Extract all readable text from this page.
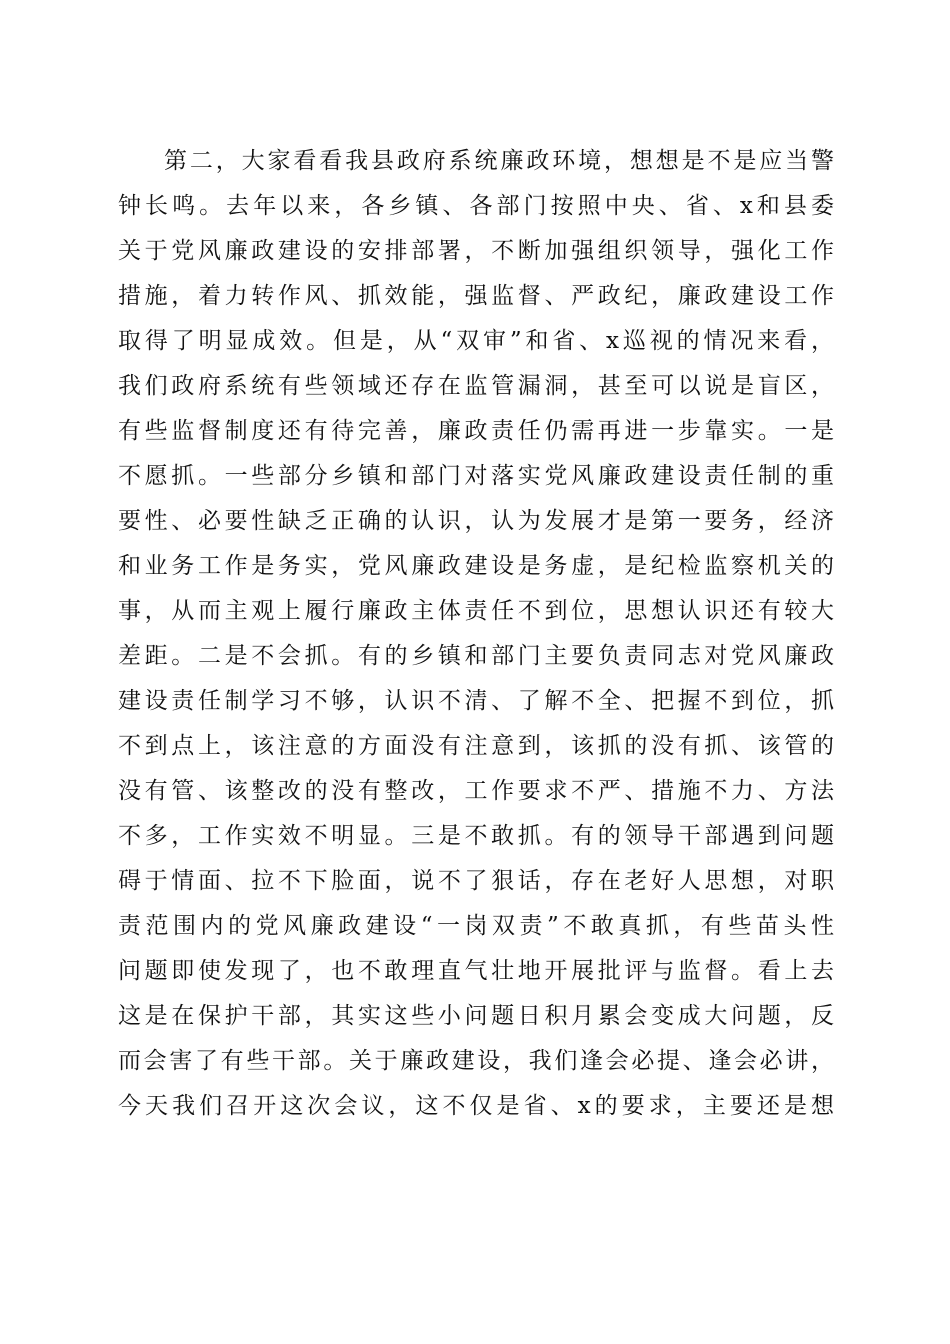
第二，大家看看我县政府系统廉政环境，想想是不是应当警
钟长鸣。去年以来，各乡镇、各部门按照中央、省、x和县委
关于党风廉政建设的安排部署，不断加强组织领导，强化工作
措施，着力转作风、抓效能，强监督、严政纪，廉政建设工作
取得了明显成效。但是，从“双审”和省、x巡视的情况来看，
我们政府系统有些领域还存在监管漏洞，甚至可以说是盲区，
有些监督制度还有待完善，廉政责任仍需再进一步靠实。一是
不愿抓。一些部分乡镇和部门对落实党风廉政建设责任制的重
要性、必要性缺乏正确的认识，认为发展才是第一要务，经济
和业务工作是务实，党风廉政建设是务虚，是纪检监察机关的
事，从而主观上履行廉政主体责任不到位，思想认识还有较大
差距。二是不会抓。有的乡镇和部门主要负责同志对党风廉政
建设责任制学习不够，认识不清、了解不全、把握不到位，抓
不到点上，该注意的方面没有注意到，该抓的没有抓、该管的
没有管、该整改的没有整改，工作要求不严、措施不力、方法
不多，工作实效不明显。三是不敢抓。有的领导干部遇到问题
碍于情面、拉不下脸面，说不了狠话，存在老好人思想，对职
责范围内的党风廉政建设“一岗双责”不敢真抓，有些苗头性
问题即使发现了，也不敢理直气壮地开展批评与监督。看上去
这是在保护干部，其实这些小问题日积月累会变成大问题，反
而会害了有些干部。关于廉政建设，我们逢会必提、逢会必讲，
今天我们召开这次会议，这不仅是省、x的要求，主要还是想
